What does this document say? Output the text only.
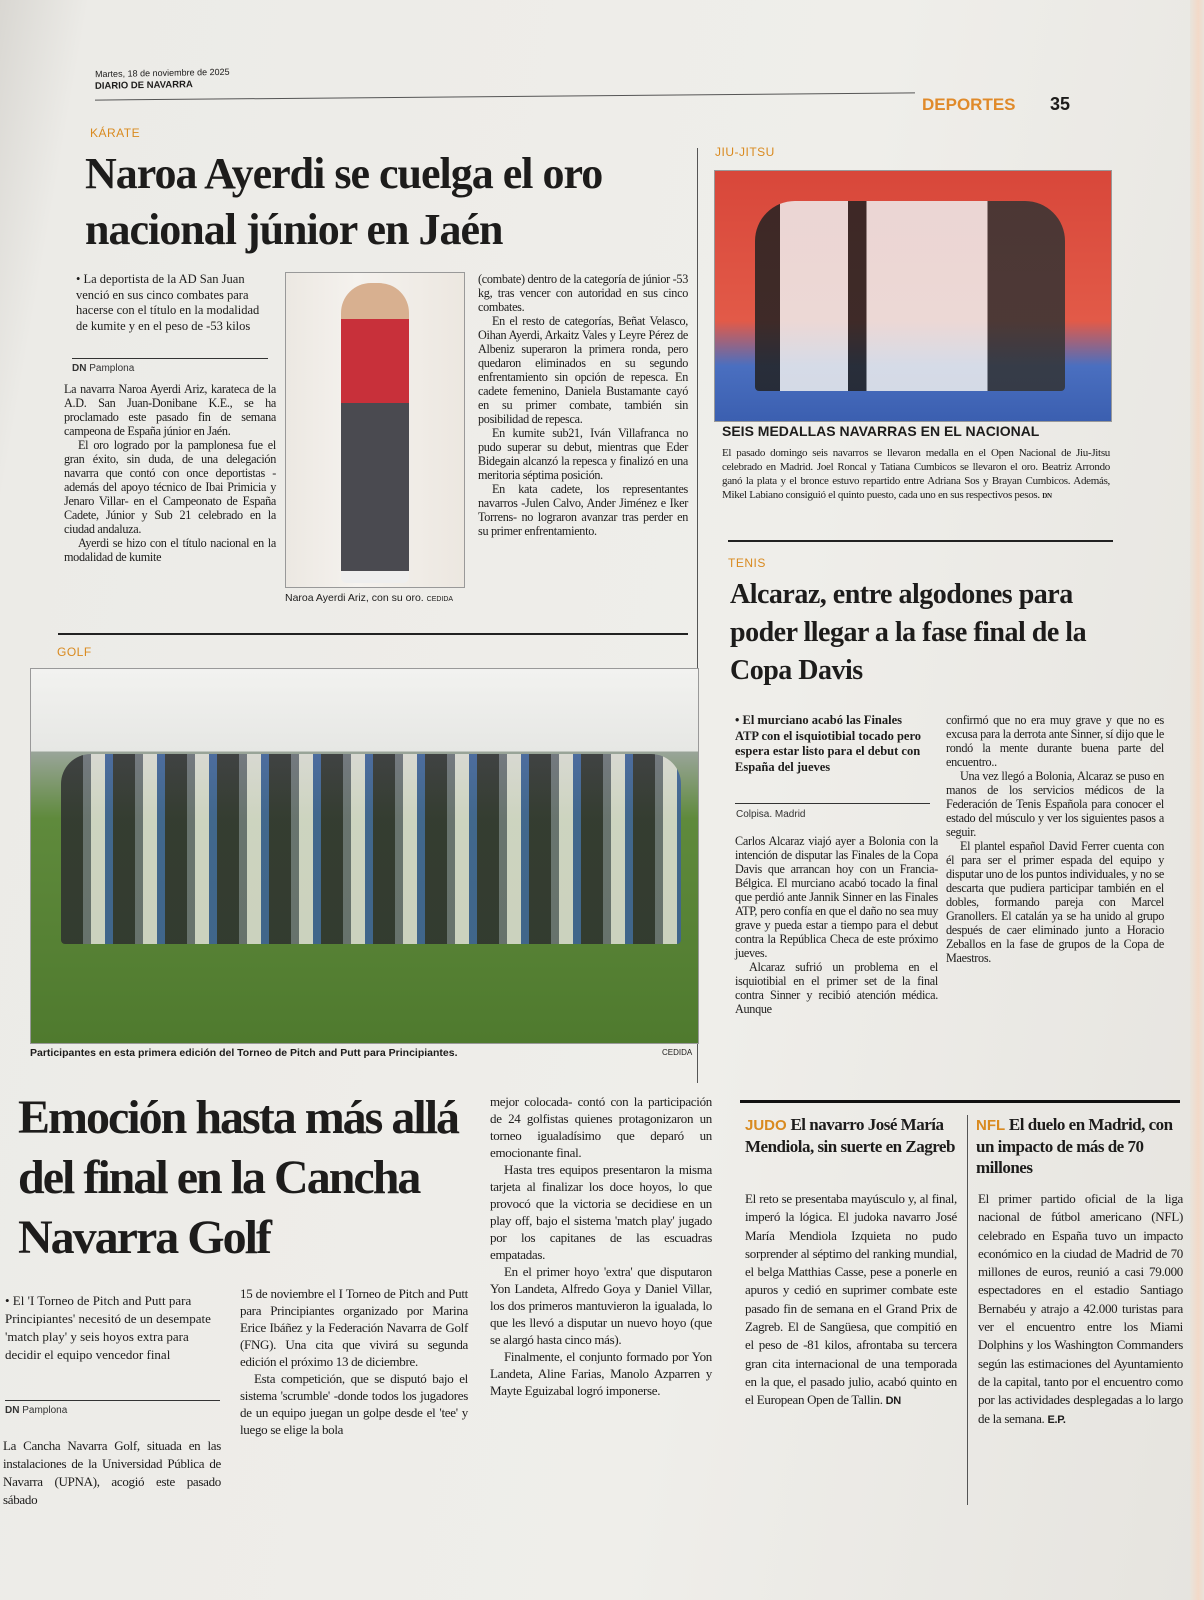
Martes, 18 de noviembre de 2025
DIARIO DE NAVARRA
DEPORTES 35
KÁRATE
Naroa Ayerdi se cuelga el oro nacional júnior en Jaén
• La deportista de la AD San Juan venció en sus cinco combates para hacerse con el título en la modalidad de kumite y en el peso de -53 kilos
DN Pamplona

La navarra Naroa Ayerdi Ariz, karateca de la A.D. San Juan-Donibane K.E., se ha proclamado este pasado fin de semana campeona de España júnior en Jaén.

El oro logrado por la pamplonesa fue el gran éxito, sin duda, de una delegación navarra que contó con once deportistas -además del apoyo técnico de Ibai Primicia y Jenaro Villar- en el Campeonato de España Cadete, Júnior y Sub 21 celebrado en la ciudad andaluza.

Ayerdi se hizo con el título nacional en la modalidad de kumite

Naroa Ayerdi Ariz, con su oro. CEDIDA

(combate) dentro de la categoría de júnior -53 kg, tras vencer con autoridad en sus cinco combates.

En el resto de categorías, Beñat Velasco, Oihan Ayerdi, Arkaitz Vales y Leyre Pérez de Albeniz superaron la primera ronda, pero quedaron eliminados en su segundo enfrentamiento sin opción de repesca. En cadete femenino, Daniela Bustamante cayó en su primer combate, también sin posibilidad de repesca.

En kumite sub21, Iván Villafranca no pudo superar su debut, mientras que Eder Bidegain alcanzó la repesca y finalizó en una meritoria séptima posición.

En kata cadete, los representantes navarros -Julen Calvo, Ander Jiménez e Iker Torrens- no lograron avanzar tras perder en su primer enfrentamiento.

JIU-JITSU
SEIS MEDALLAS NAVARRAS EN EL NACIONAL
El pasado domingo seis navarros se llevaron medalla en el Open Nacional de Jiu-Jitsu celebrado en Madrid. Joel Roncal y Tatiana Cumbicos se llevaron el oro. Beatriz Arrondo ganó la plata y el bronce estuvo repartido entre Adriana Sos y Brayan Cumbicos. Además, Mikel Labiano consiguió el quinto puesto, cada uno en sus respectivos pesos. DN
TENIS
Alcaraz, entre algodones para poder llegar a la fase final de la Copa Davis
• El murciano acabó las Finales ATP con el isquiotibial tocado pero espera estar listo para el debut con España del jueves
Colpisa. Madrid

Carlos Alcaraz viajó ayer a Bolonia con la intención de disputar las Finales de la Copa Davis que arrancan hoy con un Francia-Bélgica. El murciano acabó tocado la final que perdió ante Jannik Sinner en las Finales ATP, pero confía en que el daño no sea muy grave y pueda estar a tiempo para el debut contra la República Checa de este próximo jueves.

Alcaraz sufrió un problema en el isquiotibial en el primer set de la final contra Sinner y recibió atención médica. Aunque

confirmó que no era muy grave y que no es excusa para la derrota ante Sinner, sí dijo que le rondó la mente durante buena parte del encuentro..

Una vez llegó a Bolonia, Alcaraz se puso en manos de los servicios médicos de la Federación de Tenis Española para conocer el estado del músculo y ver los siguientes pasos a seguir.

El plantel español David Ferrer cuenta con él para ser el primer espada del equipo y disputar uno de los puntos individuales, y no se descarta que pudiera participar también en el dobles, formando pareja con Marcel Granollers. El catalán ya se ha unido al grupo después de caer eliminado junto a Horacio Zeballos en la fase de grupos de la Copa de Maestros.

GOLF
Participantes en esta primera edición del Torneo de Pitch and Putt para Principiantes.	CEDIDA
Emoción hasta más allá del final en la Cancha Navarra Golf
• El 'I Torneo de Pitch and Putt para Principiantes' necesitó de un desempate 'match play' y seis hoyos extra para decidir el equipo vencedor final
DN Pamplona

La Cancha Navarra Golf, situada en las instalaciones de la Universidad Pública de Navarra (UPNA), acogió este pasado sábado

15 de noviembre el I Torneo de Pitch and Putt para Principiantes organizado por Marina Erice Ibáñez y la Federación Navarra de Golf (FNG). Una cita que vivirá su segunda edición el próximo 13 de diciembre.

Esta competición, que se disputó bajo el sistema 'scrumble' -donde todos los jugadores de un equipo juegan un golpe desde el 'tee' y luego se elige la bola

mejor colocada- contó con la participación de 24 golfistas quienes protagonizaron un torneo igualadísimo que deparó un emocionante final.

Hasta tres equipos presentaron la misma tarjeta al finalizar los doce hoyos, lo que provocó que la victoria se decidiese en un play off, bajo el sistema 'match play' jugado por los capitanes de las escuadras empatadas.

En el primer hoyo 'extra' que disputaron Yon Landeta, Alfredo Goya y Daniel Villar, los dos primeros mantuvieron la igualada, lo que les llevó a disputar un nuevo hoyo (que se alargó hasta cinco más).

Finalmente, el conjunto formado por Yon Landeta, Aline Farias, Manolo Azparren y Mayte Eguizabal logró imponerse.

JUDO El navarro José María Mendiola, sin suerte en Zagreb
El reto se presentaba mayúsculo y, al final, imperó la lógica. El judoka navarro José María Mendiola Izquieta no pudo sorprender al séptimo del ranking mundial, el belga Matthias Casse, pese a ponerle en apuros y cedió en suprimer combate este pasado fin de semana en el Grand Prix de Zagreb. El de Sangüesa, que compitió en el peso de -81 kilos, afrontaba su tercera gran cita internacional de una temporada en la que, el pasado julio, acabó quinto en el European Open de Tallin. DN
NFL El duelo en Madrid, con un impacto de más de 70 millones
El primer partido oficial de la liga nacional de fútbol americano (NFL) celebrado en España tuvo un impacto económico en la ciudad de Madrid de 70 millones de euros, reunió a casi 79.000 espectadores en el estadio Santiago Bernabéu y atrajo a 42.000 turistas para ver el encuentro entre los Miami Dolphins y los Washington Commanders según las estimaciones del Ayuntamiento de la capital, tanto por el encuentro como por las actividades desplegadas a lo largo de la semana. E.P.
